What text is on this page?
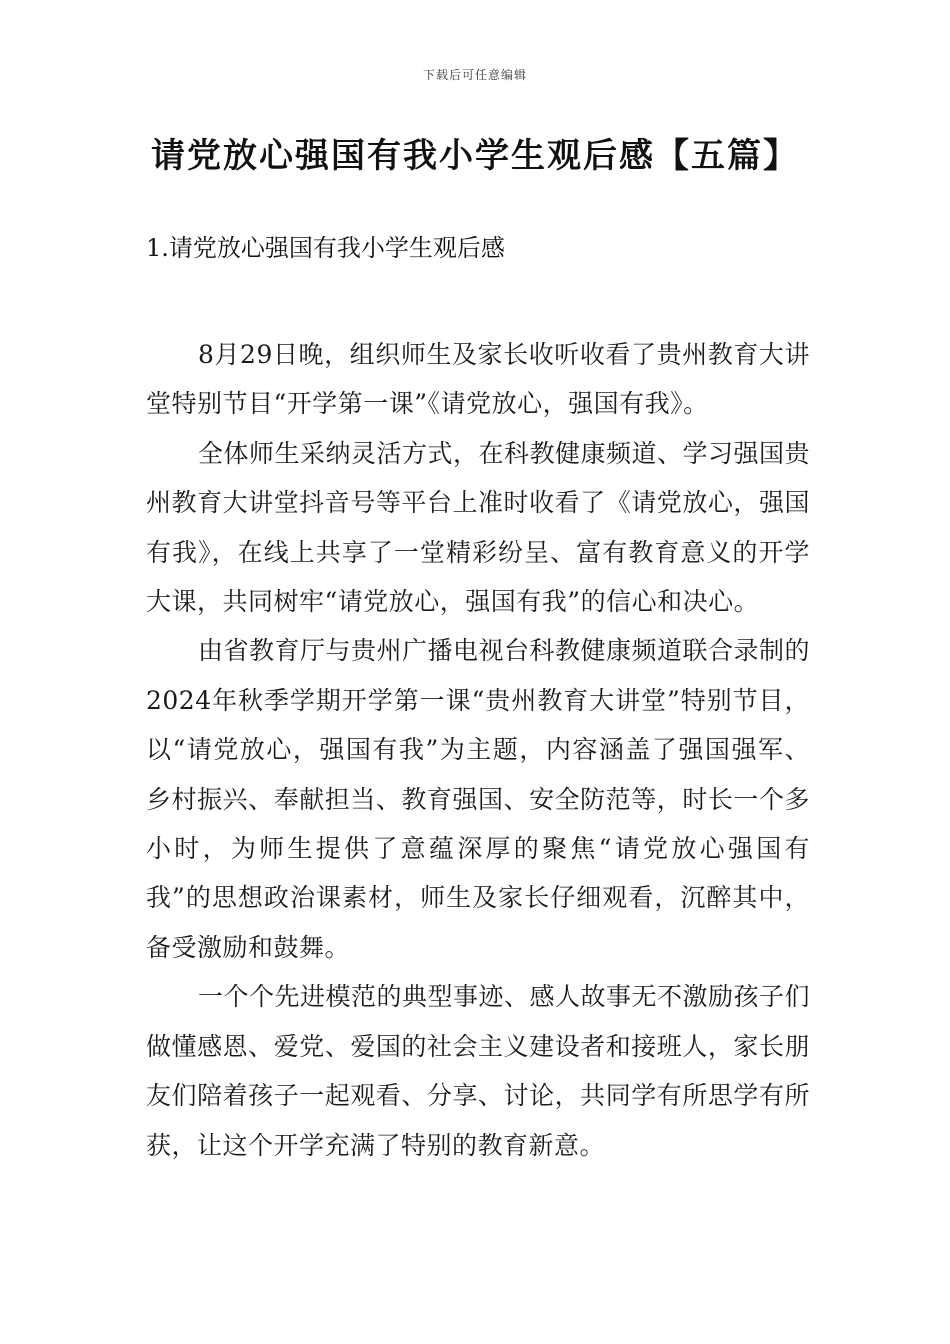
下载后可任意编辑
请党放心强国有我小学生观后感【五篇】
1.请党放心强国有我小学生观后感

8月29日晚，组织师生及家长收听收看了贵州教育大讲堂特别节目“开学第一课”《请党放心，强国有我》。

全体师生采纳灵活方式，在科教健康频道、学习强国贵州教育大讲堂抖音号等平台上准时收看了《请党放心，强国有我》，在线上共享了一堂精彩纷呈、富有教育意义的开学大课，共同树牢“请党放心，强国有我”的信心和决心。

由省教育厅与贵州广播电视台科教健康频道联合录制的2024年秋季学期开学第一课“贵州教育大讲堂”特别节目，以“请党放心，强国有我”为主题，内容涵盖了强国强军、乡村振兴、奉献担当、教育强国、安全防范等，时长一个多小时，为师生提供了意蕴深厚的聚焦“请党放心强国有我”的思想政治课素材，师生及家长仔细观看，沉醉其中，备受激励和鼓舞。

一个个先进模范的典型事迹、感人故事无不激励孩子们做懂感恩、爱党、爱国的社会主义建设者和接班人，家长朋友们陪着孩子一起观看、分享、讨论，共同学有所思学有所获，让这个开学充满了特别的教育新意。
